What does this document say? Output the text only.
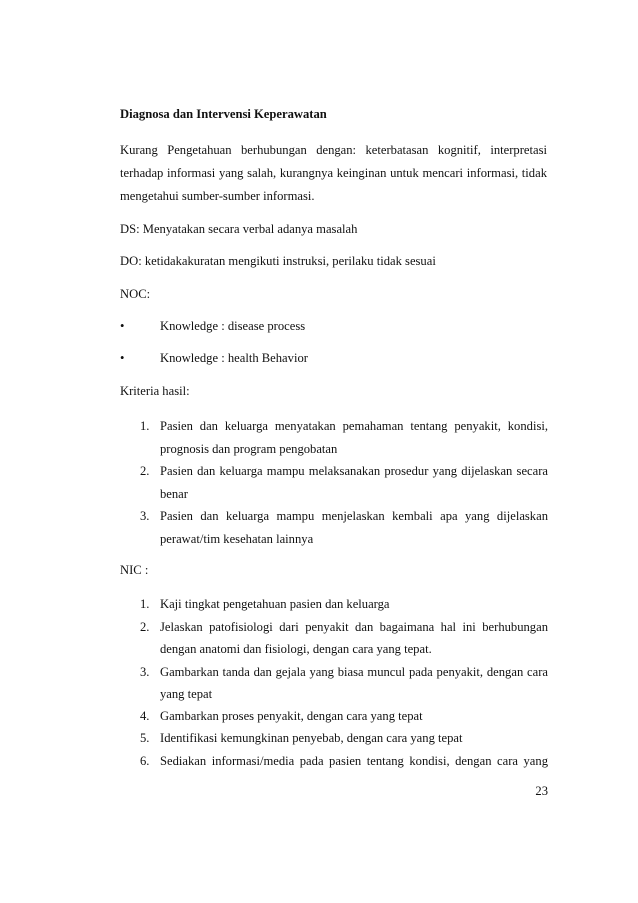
Diagnosa dan Intervensi Keperawatan
Kurang Pengetahuan berhubungan dengan: keterbatasan kognitif, interpretasi
terhadap informasi yang salah, kurangnya keinginan untuk mencari informasi, tidak
mengetahui sumber-sumber informasi.
DS: Menyatakan secara verbal adanya masalah
DO: ketidakakuratan mengikuti instruksi, perilaku tidak sesuai
NOC:
•	Knowledge : disease process
•	Knowledge : health Behavior
Kriteria hasil:
1. Pasien dan keluarga menyatakan pemahaman tentang penyakit, kondisi,
prognosis dan program pengobatan
2. Pasien dan keluarga mampu melaksanakan prosedur yang dijelaskan secara
benar
3. Pasien dan keluarga mampu menjelaskan kembali apa yang dijelaskan
perawat/tim kesehatan lainnya
NIC :
1. Kaji tingkat pengetahuan pasien dan keluarga
2. Jelaskan patofisiologi dari penyakit dan bagaimana hal ini berhubungan
dengan anatomi dan fisiologi, dengan cara yang tepat.
3. Gambarkan tanda dan gejala yang biasa muncul pada penyakit, dengan cara
yang tepat
4. Gambarkan proses penyakit, dengan cara yang tepat
5. Identifikasi kemungkinan penyebab, dengan cara yang tepat
6. Sediakan informasi/media pada pasien tentang kondisi, dengan cara yang
23
